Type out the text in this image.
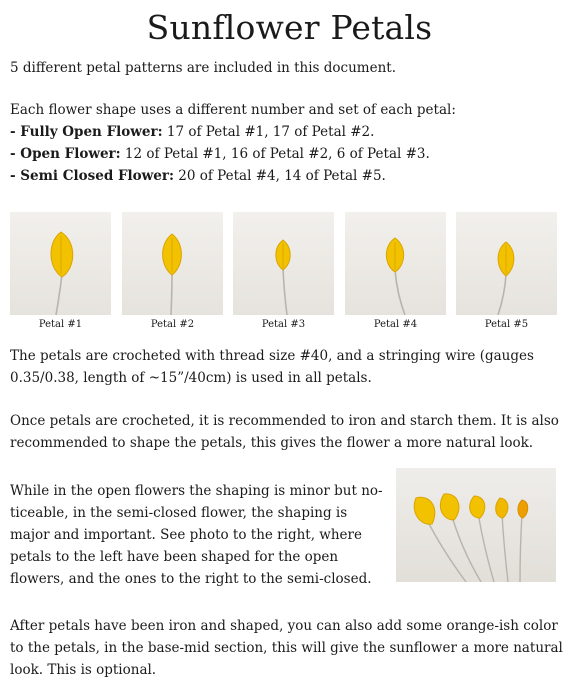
Sunflower Petals
5 different petal patterns are included in this document.
Each flower shape uses a different number and set of each petal:
- Fully Open Flower: 17 of Petal #1, 17 of Petal #2.
- Open Flower: 12 of Petal #1, 16 of Petal #2, 6 of Petal #3.
- Semi Closed Flower: 20 of Petal #4, 14 of Petal #5.
Petal #1	Petal #2	Petal #3	Petal #4	Petal #5
The petals are crocheted with thread size #40, and a stringing wire (gauges 0.35/0.38, length of ~15”/40cm) is used in all petals.
Once petals are crocheted, it is recommended to iron and starch them. It is also recommended to shape the petals, this gives the flower a more natural look.
While in the open flowers the shaping is minor but no-ticeable, in the semi-closed flower, the shaping is major and important. See photo to the right, where petals to the left have been shaped for the open flowers, and the ones to the right to the semi-closed.
After petals have been iron and shaped, you can also add some orange-ish color to the petals, in the base-mid section, this will give the sunflower a more natural look. This is optional.
